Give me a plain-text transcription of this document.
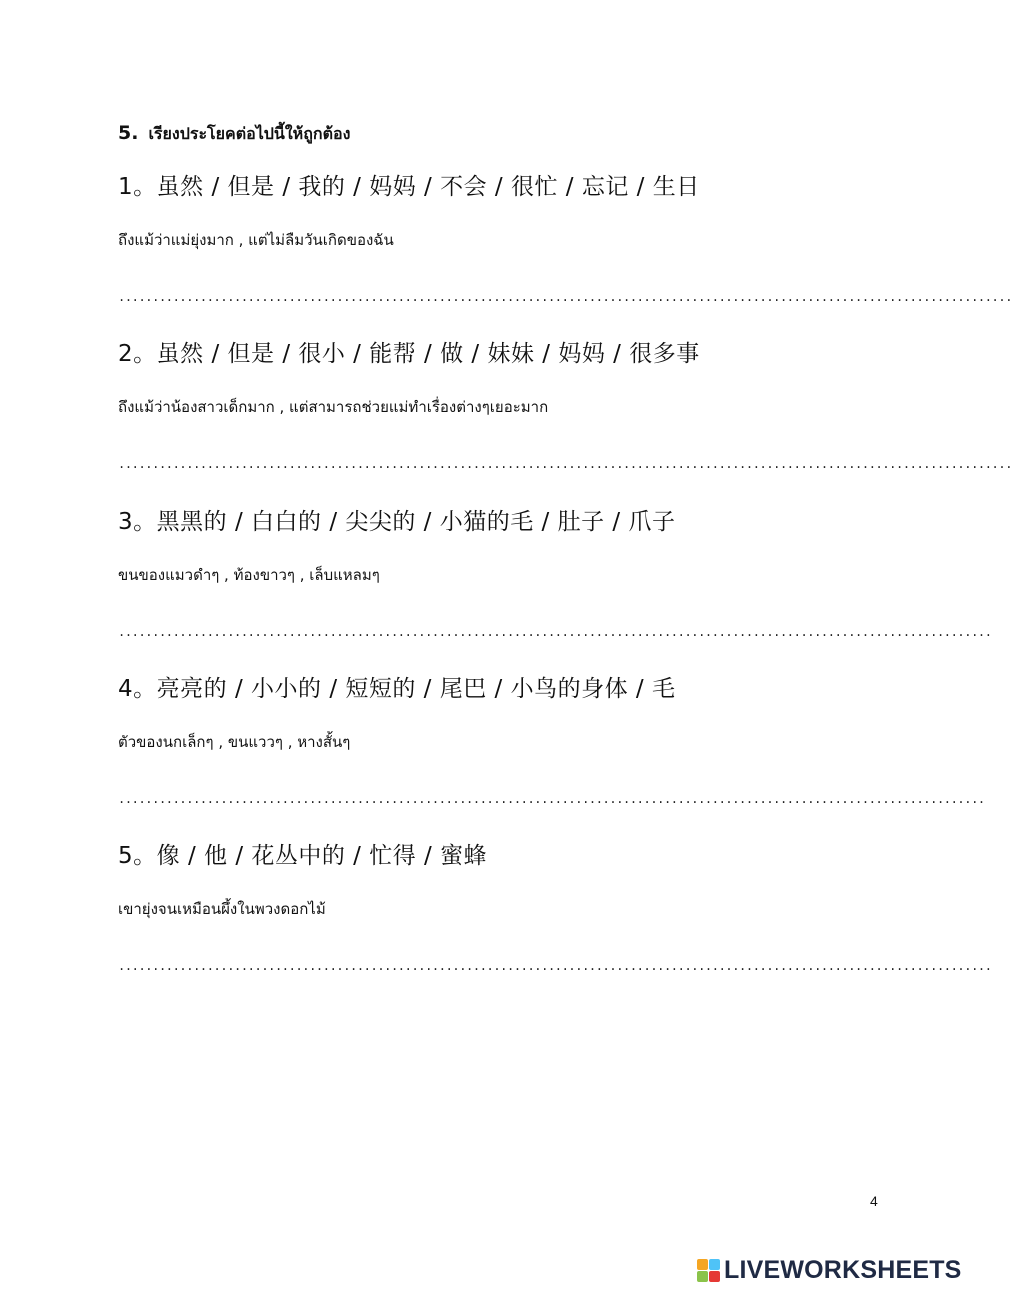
5. เรียงประโยคต่อไปนี้ให้ถูกต้อง
1。虽然 / 但是 / 我的 / 妈妈 / 不会 / 很忙 / 忘记 / 生日
ถึงแม้ว่าแม่ยุ่งมาก , แต่ไม่ลืมวันเกิดของฉัน
...................................................................................................................................
2。虽然 / 但是 / 很小 / 能帮 / 做 / 妹妹 / 妈妈 / 很多事
ถึงแม้ว่าน้องสาวเด็กมาก , แต่สามารถช่วยแม่ทำเรื่องต่างๆเยอะมาก
...................................................................................................................................
3。黑黑的 / 白白的 / 尖尖的 / 小猫的毛 / 肚子 / 爪子
ขนของแมวดำๆ , ท้องขาวๆ , เล็บแหลมๆ
................................................................................................................................
4。亮亮的 / 小小的 / 短短的 / 尾巴 / 小鸟的身体 / 毛
ตัวของนกเล็กๆ , ขนแววๆ , หางสั้นๆ
...............................................................................................................................
5。像 / 他 / 花丛中的 / 忙得 / 蜜蜂
เขายุ่งจนเหมือนผึ้งในพวงดอกไม้
................................................................................................................................
4
LIVEWORKSHEETS
